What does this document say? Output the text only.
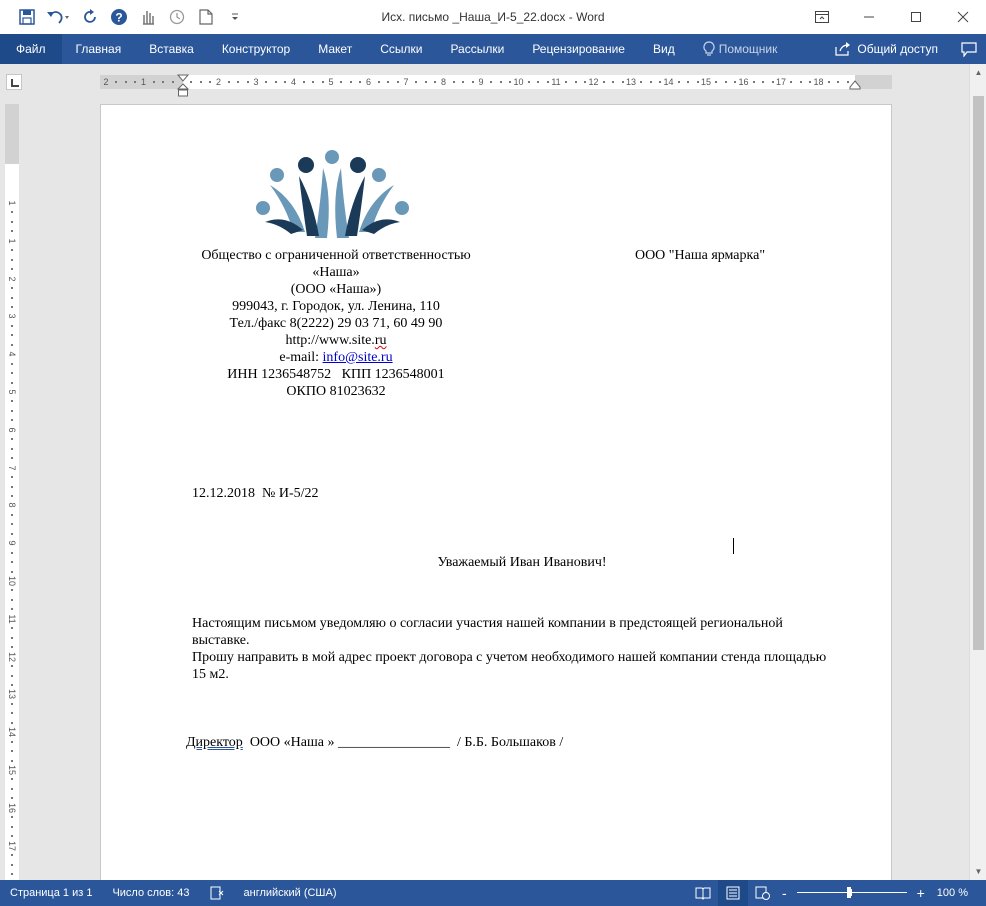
?	Исх. письмо _Наша_И-5_22.docx - Word
Файл	Главная	Вставка	Конструктор	Макет	Ссылки	Рассылки	Рецензирование	Вид	Помощник	Общий доступ
2	1	2	3	4	5	6	7	8	9	10	11	12	13	14	15	16	17	18
1
1
2
3
4
5
6
7
8
9
10
11
12
13
14
15
16
17
Общество с ограниченной ответственностью
«Наша»
(ООО «Наша»)
999043, г. Городок, ул. Ленина, 110
Тел./факс 8(2222) 29 03 71, 60 49 90
http://www.site.ru
e-mail: info@site.ru
ИНН 1236548752   КПП 1236548001
ОКПО 81023632
ООО "Наша ярмарка"
12.12.2018  № И-5/22
Уважаемый Иван Иванович!
Настоящим письмом уведомляю о согласии участия нашей компании в предстоящей региональной выставке.
Прошу направить в мой адрес проект договора с учетом необходимого нашей компании стенда площадью 15 м2.
Директор  ООО «Наша » ________________  / Б.Б. Большаков /
▲
▼
Страница 1 из 1	Число слов: 43	английский (США)	-	+	100 %
